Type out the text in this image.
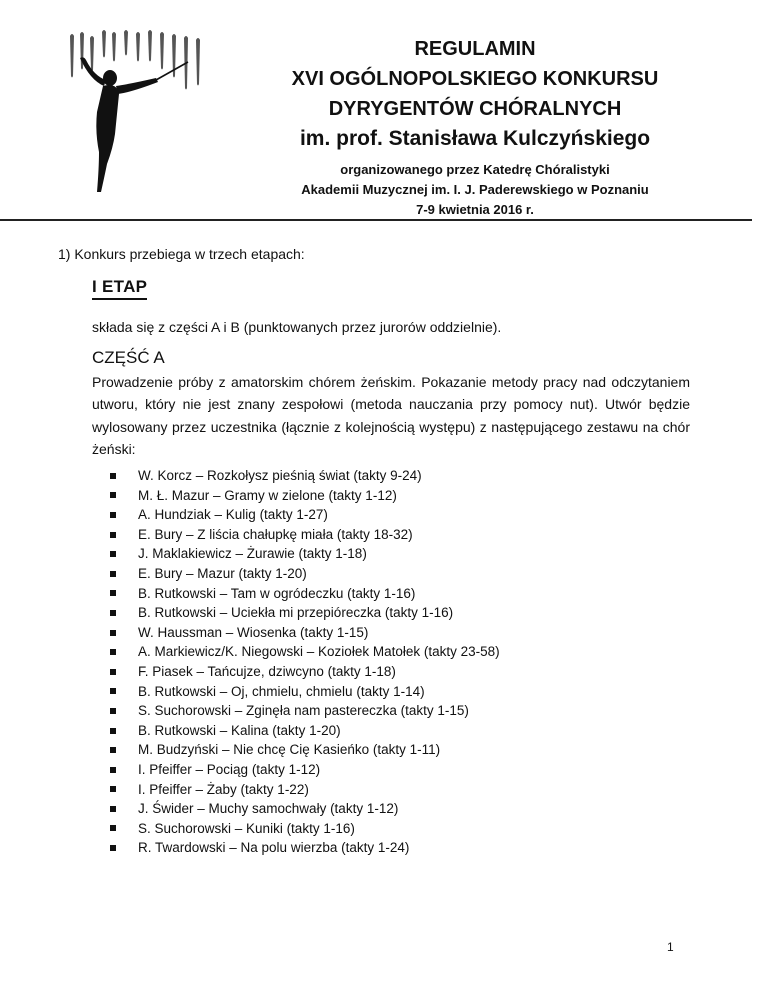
REGULAMIN
XVI OGÓLNOPOLSKIEGO KONKURSU
DYRYGENTÓW CHÓRALNYCH
im. prof. Stanisława Kulczyńskiego
organizowanego przez Katedrę Chóralistyki
Akademii Muzycznej im. I. J. Paderewskiego w Poznaniu
7-9 kwietnia 2016 r.
1) Konkurs przebiega w trzech etapach:
I ETAP
składa się z części A i B (punktowanych przez jurorów oddzielnie).
CZĘŚĆ A
Prowadzenie próby z amatorskim chórem żeńskim. Pokazanie metody pracy nad odczytaniem utworu, który nie jest znany zespołowi (metoda nauczania przy pomocy nut). Utwór będzie wylosowany przez uczestnika (łącznie z kolejnością występu) z następującego zestawu na chór żeński:
W. Korcz – Rozkołysz pieśnią świat (takty 9-24)
M. Ł. Mazur – Gramy w zielone (takty 1-12)
A. Hundziak – Kulig (takty 1-27)
E. Bury – Z liścia chałupkę miała (takty 18-32)
J. Maklakiewicz – Żurawie (takty 1-18)
E. Bury – Mazur (takty 1-20)
B. Rutkowski – Tam w ogródeczku (takty 1-16)
B. Rutkowski – Uciekła mi przepióreczka (takty 1-16)
W. Haussman – Wiosenka (takty 1-15)
A. Markiewicz/K. Niegowski – Koziołek Matołek (takty 23-58)
F. Piasek – Tańcujze, dziwcyno (takty 1-18)
B. Rutkowski – Oj, chmielu, chmielu (takty 1-14)
S. Suchorowski – Zginęła nam pastereczka (takty 1-15)
B. Rutkowski – Kalina (takty 1-20)
M. Budzyński – Nie chcę Cię Kasieńko (takty 1-11)
I. Pfeiffer – Pociąg (takty 1-12)
I. Pfeiffer – Żaby (takty 1-22)
J. Świder – Muchy samochwały (takty 1-12)
S. Suchorowski – Kuniki (takty 1-16)
R. Twardowski – Na polu wierzba (takty 1-24)
1
